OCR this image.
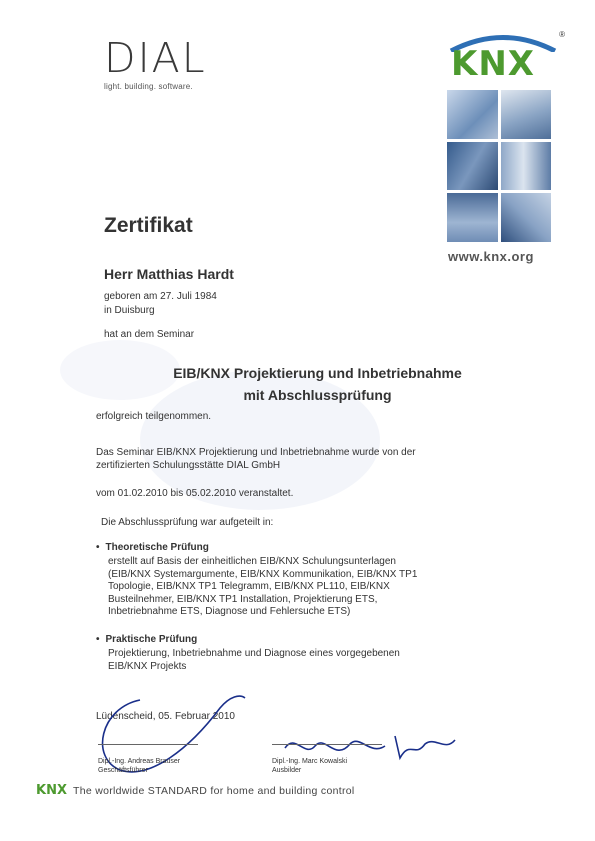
DIAL
light. building. software.
KNX
®
www.knx.org
Zertifikat
Herr Matthias Hardt
geboren am 27. Juli 1984
in Duisburg
hat an dem Seminar
EIB/KNX Projektierung und Inbetriebnahme
mit Abschlussprüfung
erfolgreich teilgenommen.
Das Seminar EIB/KNX Projektierung und Inbetriebnahme wurde von der zertifizierten Schulungsstätte DIAL GmbH
vom 01.02.2010 bis 05.02.2010 veranstaltet.
Die Abschlussprüfung war aufgeteilt in:
• Theoretische Prüfung
erstellt auf Basis der einheitlichen EIB/KNX Schulungsunterlagen (EIB/KNX Systemargumente, EIB/KNX Kommunikation, EIB/KNX TP1 Topologie, EIB/KNX TP1 Telegramm, EIB/KNX PL110, EIB/KNX Busteilnehmer, EIB/KNX TP1 Installation, Projektierung ETS, Inbetriebnahme ETS, Diagnose und Fehlersuche ETS)
• Praktische Prüfung
Projektierung, Inbetriebnahme und Diagnose eines vorgegebenen EIB/KNX Projekts
Lüdenscheid, 05. Februar 2010
Dipl.-Ing. Andreas Brauser
Geschäftsführer
Dipl.-Ing. Marc Kowalski
Ausbilder
KNX The worldwide STANDARD for home and building control
